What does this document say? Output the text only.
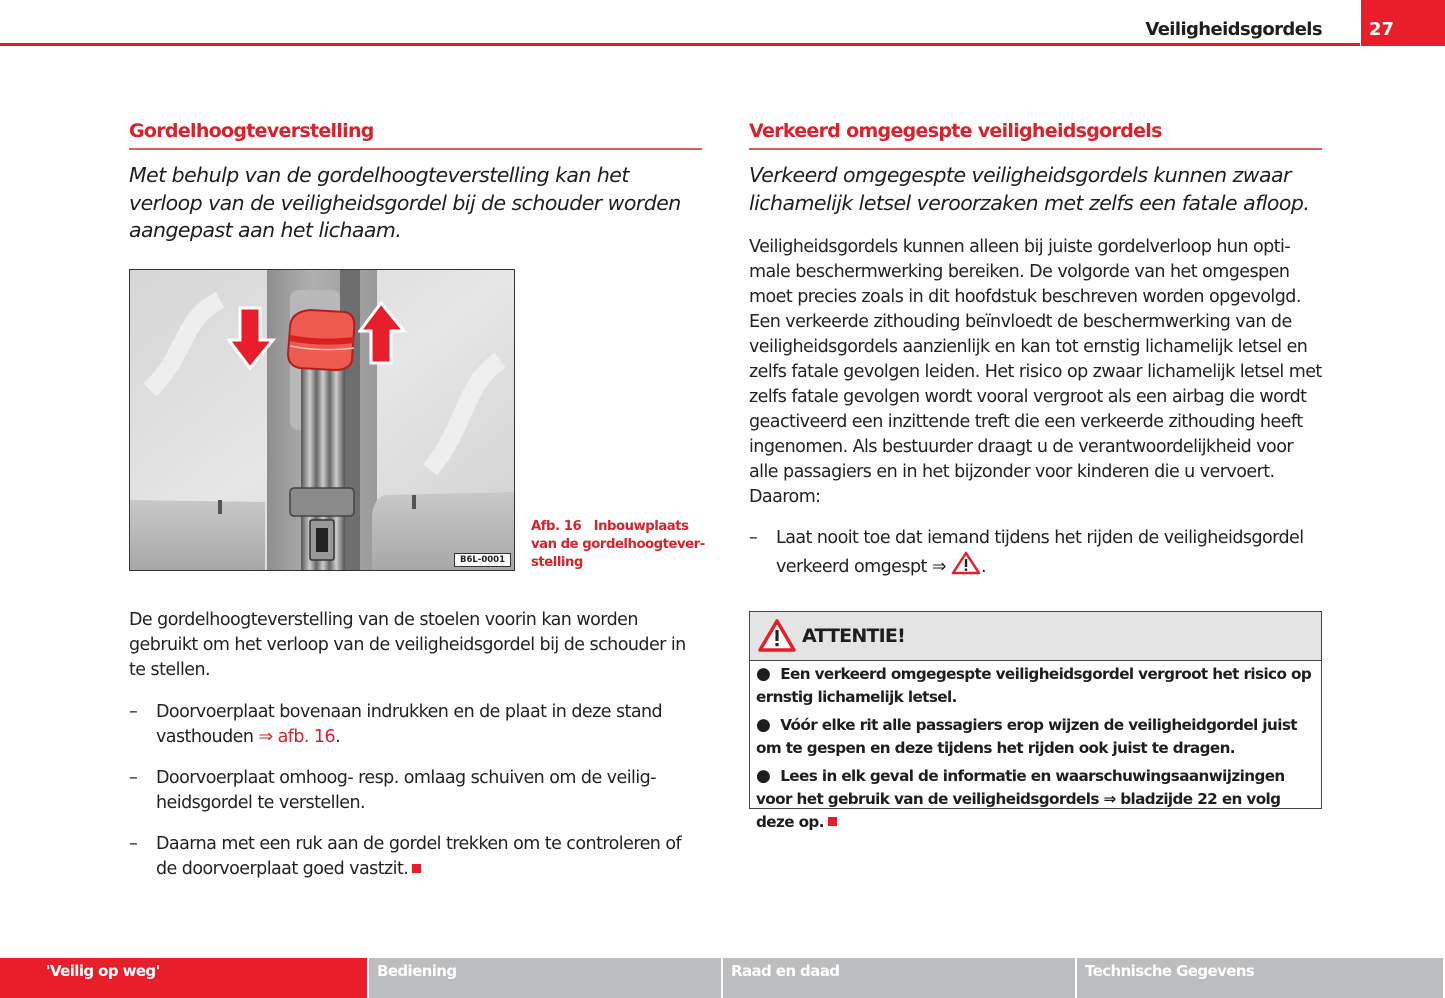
Veiligheidsgordels	27
Gordelhoogteverstelling

Met behulp van de gordelhoogteverstelling kan het verloop van de veiligheidsgordel bij de schouder worden aangepast aan het lichaam.

B6L-0001
Afb. 16 Inbouwplaats van de gordelhoogtever-stelling

De gordelhoogteverstelling van de stoelen voorin kan worden gebruikt om het verloop van de veiligheidsgordel bij de schouder in te stellen.

– Doorvoerplaat bovenaan indrukken en de plaat in deze stand vasthouden ⇒ afb. 16.
– Doorvoerplaat omhoog- resp. omlaag schuiven om de veilig-heidsgordel te verstellen.
– Daarna met een ruk aan de gordel trekken om te controleren of de doorvoerplaat goed vastzit.
Verkeerd omgegespte veiligheidsgordels

Verkeerd omgegespte veiligheidsgordels kunnen zwaar lichamelijk letsel veroorzaken met zelfs een fatale afloop.

Veiligheidsgordels kunnen alleen bij juiste gordelverloop hun opti-male beschermwerking bereiken. De volgorde van het omgespen moet precies zoals in dit hoofdstuk beschreven worden opgevolgd. Een verkeerde zithouding beïnvloedt de beschermwerking van de veiligheidsgordels aanzienlijk en kan tot ernstig lichamelijk letsel en zelfs fatale gevolgen leiden. Het risico op zwaar lichamelijk letsel met zelfs fatale gevolgen wordt vooral vergroot als een airbag die wordt geactiveerd een inzittende treft die een verkeerde zithouding heeft ingenomen. Als bestuurder draagt u de verantwoordelijkheid voor alle passagiers en in het bijzonder voor kinderen die u vervoert. Daarom:

– Laat nooit toe dat iemand tijdens het rijden de veiligheidsgordel verkeerd omgespt ⇒ .
ATTENTIE!
● Een verkeerd omgegespte veiligheidsgordel vergroot het risico op ernstig lichamelijk letsel.
● Vóór elke rit alle passagiers erop wijzen de veiligheidgordel juist om te gespen en deze tijdens het rijden ook juist te dragen.
● Lees in elk geval de informatie en waarschuwingsaanwijzingen voor het gebruik van de veiligheidsgordels ⇒ bladzijde 22 en volg deze op.
'Veilig op weg'	Bediening	Raad en daad	Technische Gegevens
